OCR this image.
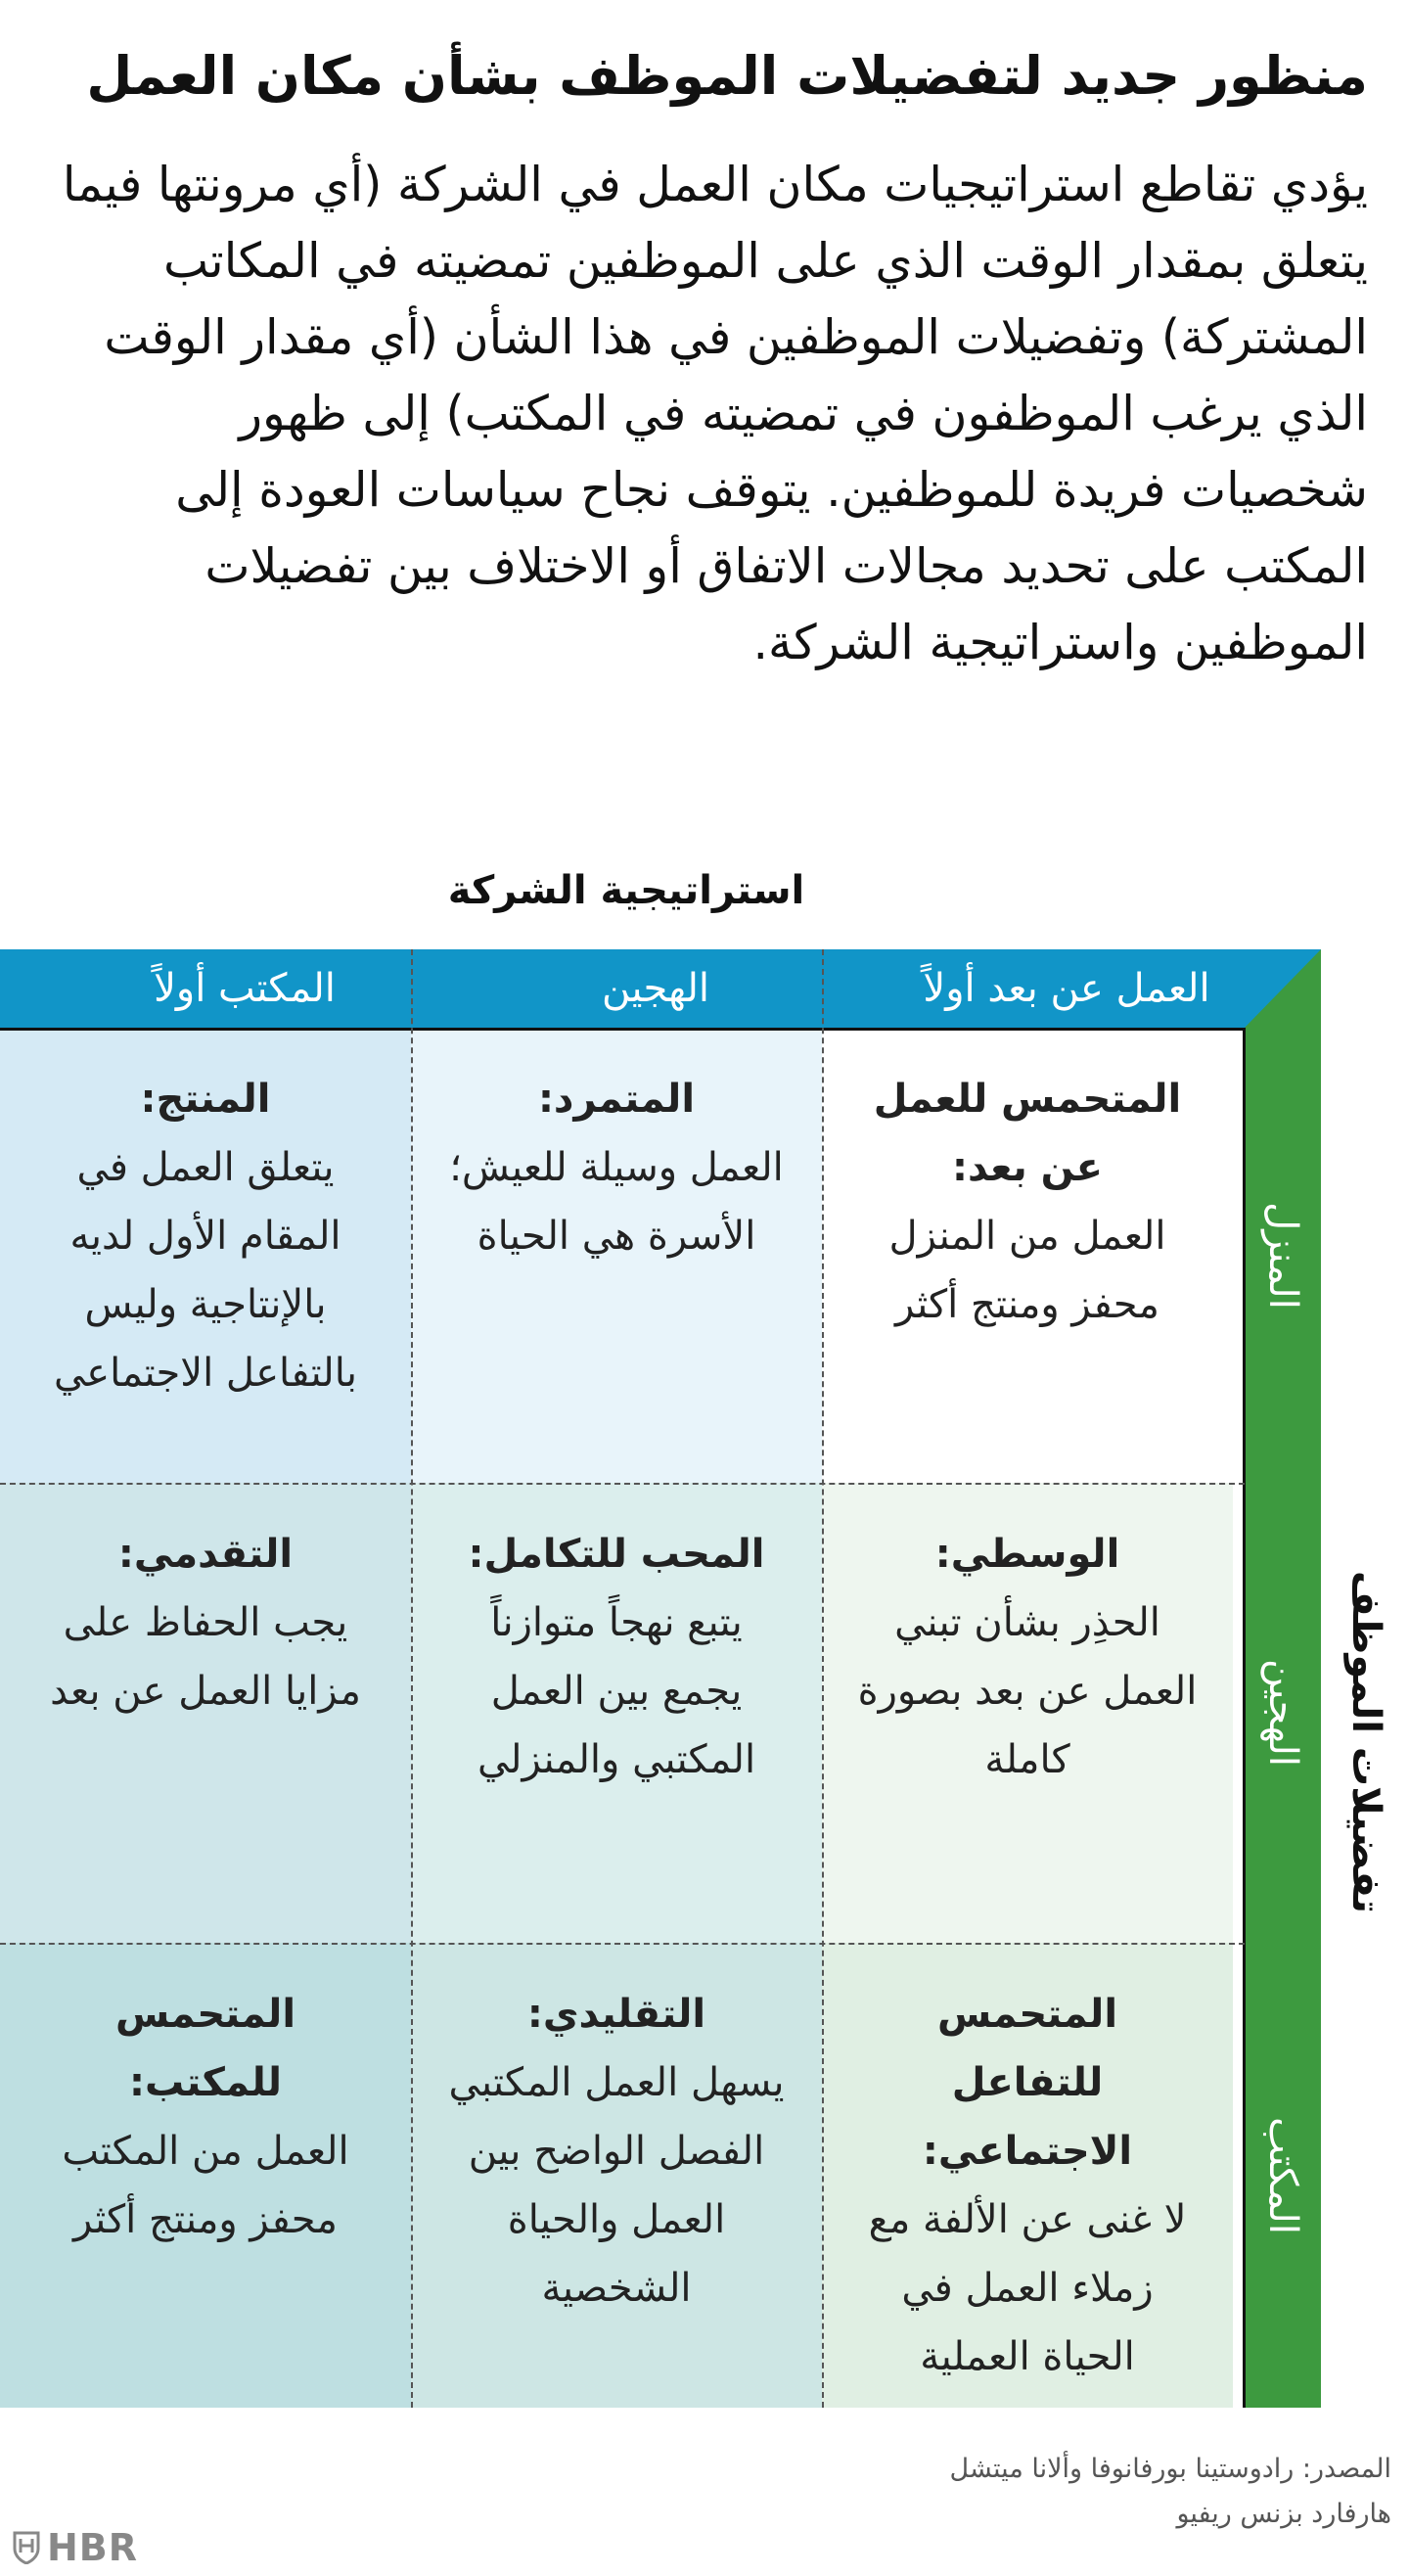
منظور جديد لتفضيلات الموظف بشأن مكان العمل
يؤدي تقاطع استراتيجيات مكان العمل في الشركة (أي مرونتها فيما يتعلق بمقدار الوقت الذي على الموظفين تمضيته في المكاتب المشتركة) وتفضيلات الموظفين في هذا الشأن (أي مقدار الوقت الذي يرغب الموظفون في تمضيته في المكتب) إلى ظهور شخصيات فريدة للموظفين. يتوقف نجاح سياسات العودة إلى المكتب على تحديد مجالات الاتفاق أو الاختلاف بين تفضيلات الموظفين واستراتيجية الشركة.
استراتيجية الشركة
المتحمس للعمل عن بعد:
العمل من المنزل محفز ومنتج أكثر
المتمرد:
العمل وسيلة للعيش؛ الأسرة هي الحياة
المنتج:
يتعلق العمل في المقام الأول لديه بالإنتاجية وليس بالتفاعل الاجتماعي
الوسطي:
الحذِر بشأن تبني العمل عن بعد بصورة كاملة
المحب للتكامل:
يتبع نهجاً متوازناً يجمع بين العمل المكتبي والمنزلي
التقدمي:
يجب الحفاظ على مزايا العمل عن بعد
المتحمس للتفاعل الاجتماعي:
لا غنى عن الألفة مع زملاء العمل في الحياة العملية
التقليدي:
يسهل العمل المكتبي الفصل الواضح بين العمل والحياة الشخصية
المتحمس للمكتب:
العمل من المكتب محفز ومنتج أكثر
العمل عن بعد أولاً
الهجين
المكتب أولاً
المنزل
الهجين
المكتب
تفضيلات الموظف
المصدر: رادوستينا بورفانوفا وألانا ميتشل
هارفارد بزنس ريفيو
HBR
